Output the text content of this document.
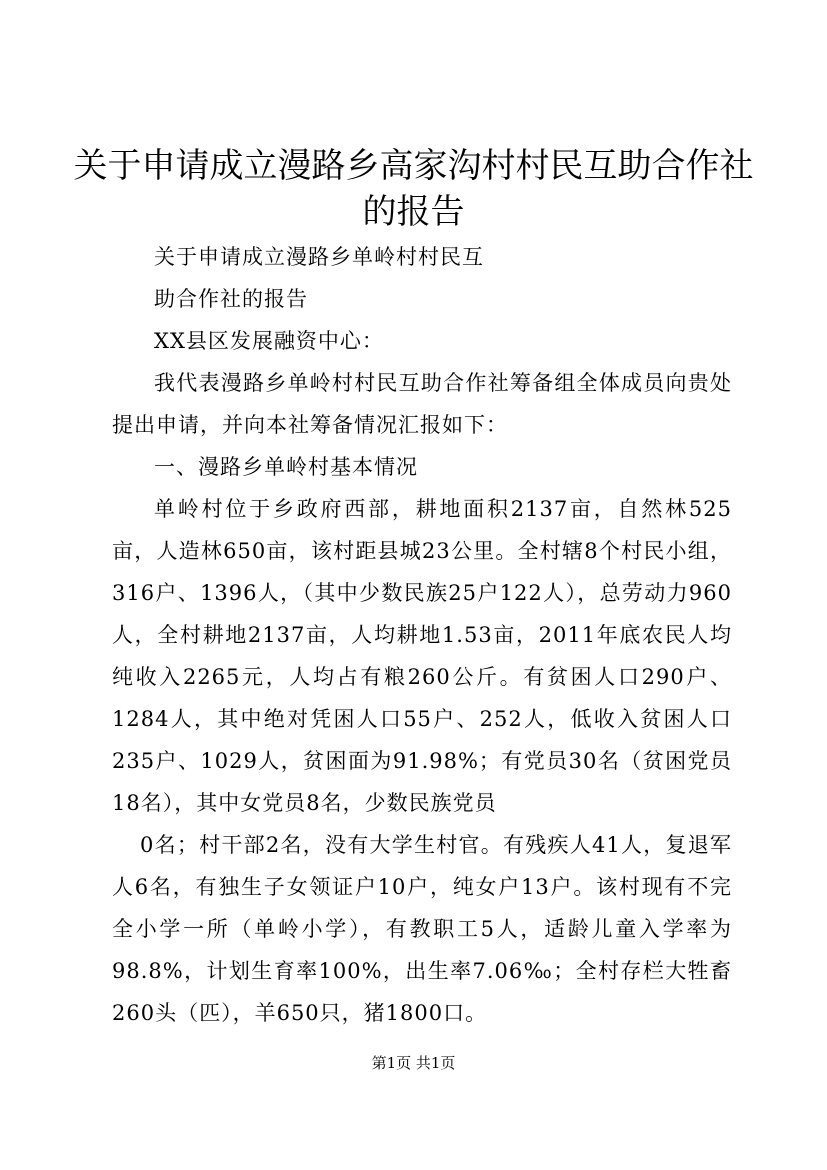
关于申请成立漫路乡高家沟村村民互助合作社
的报告

关于申请成立漫路乡单岭村村民互

助合作社的报告

XX县区发展融资中心：

我代表漫路乡单岭村村民互助合作社筹备组全体成员向贵处提出申请，并向本社筹备情况汇报如下：

一、漫路乡单岭村基本情况

单岭村位于乡政府西部，耕地面积2137亩，自然林525亩，人造林650亩，该村距县城23公里。全村辖8个村民小组，316户、1396人，（其中少数民族25户122人），总劳动力960人，全村耕地2137亩，人均耕地1.53亩，2011年底农民人均纯收入2265元，人均占有粮260公斤。有贫困人口290户、1284人，其中绝对凭困人口55户、252人，低收入贫困人口235户、1029人，贫困面为91.98%；有党员30名（贫困党员18名），其中女党员8名，少数民族党员

0名；村干部2名，没有大学生村官。有残疾人41人，复退军人6名，有独生子女领证户10户，纯女户13户。该村现有不完全小学一所（单岭小学），有教职工5人，适龄儿童入学率为98.8%，计划生育率100%，出生率7.06‰；全村存栏大牲畜260头（匹），羊650只，猪1800口。

第1页 共1页
